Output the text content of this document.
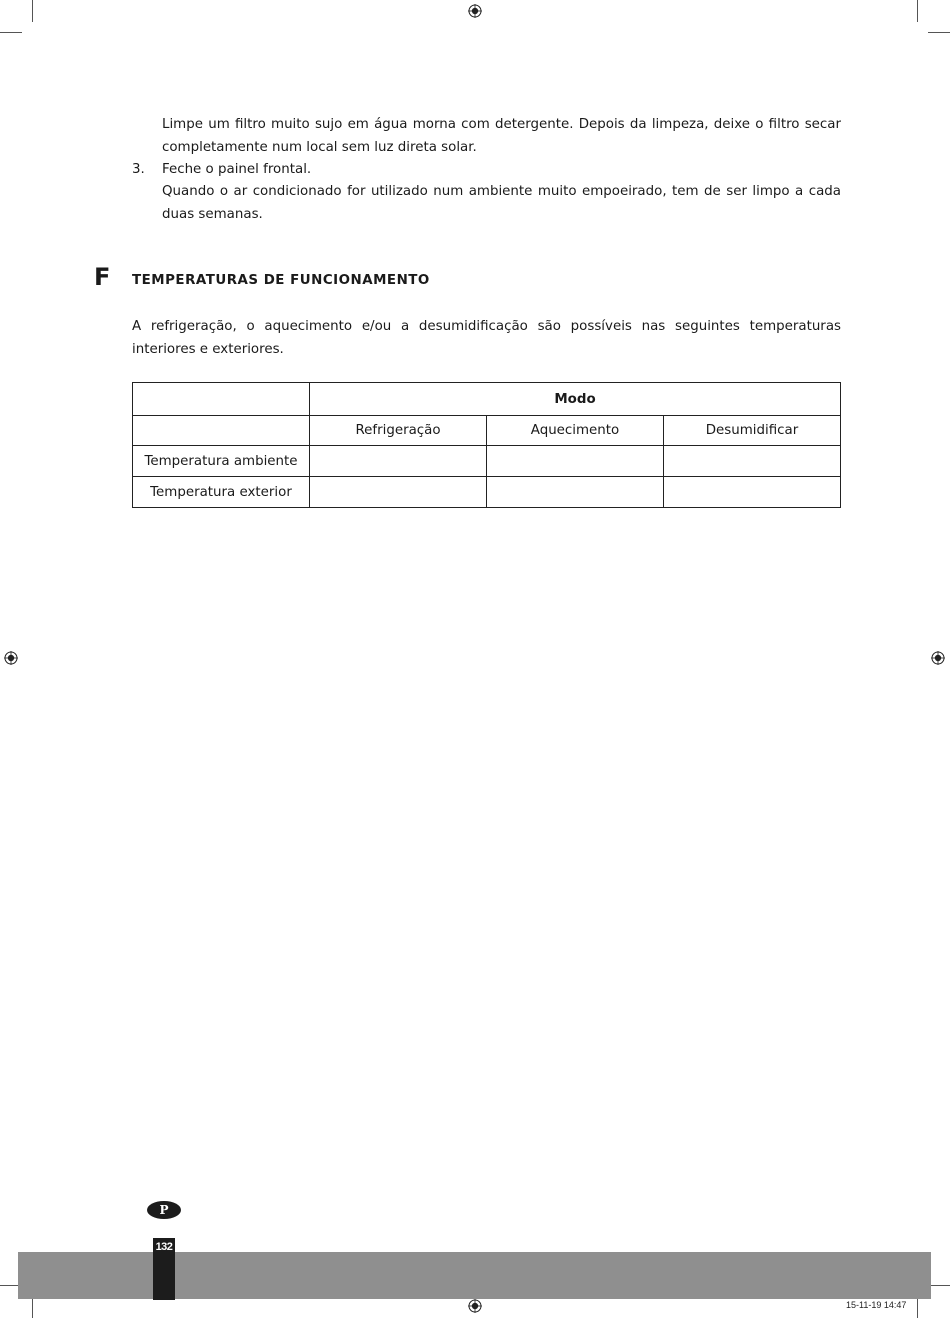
Limpe um filtro muito sujo em água morna com detergente. Depois da limpeza, deixe o filtro secar completamente num local sem luz direta solar.
3.	Feche o painel frontal.
Quando o ar condicionado for utilizado num ambiente muito empoeirado, tem de ser limpo a cada duas semanas.
F TEMPERATURAS DE FUNCIONAMENTO
A refrigeração, o aquecimento e/ou a desumidificação são possíveis nas seguintes temperaturas interiores e exteriores.
	Modo		
	Refrigeração	Aquecimento	Desumidificar
Temperatura ambiente			
Temperatura exterior			
P
132
15-11-19 14:47
